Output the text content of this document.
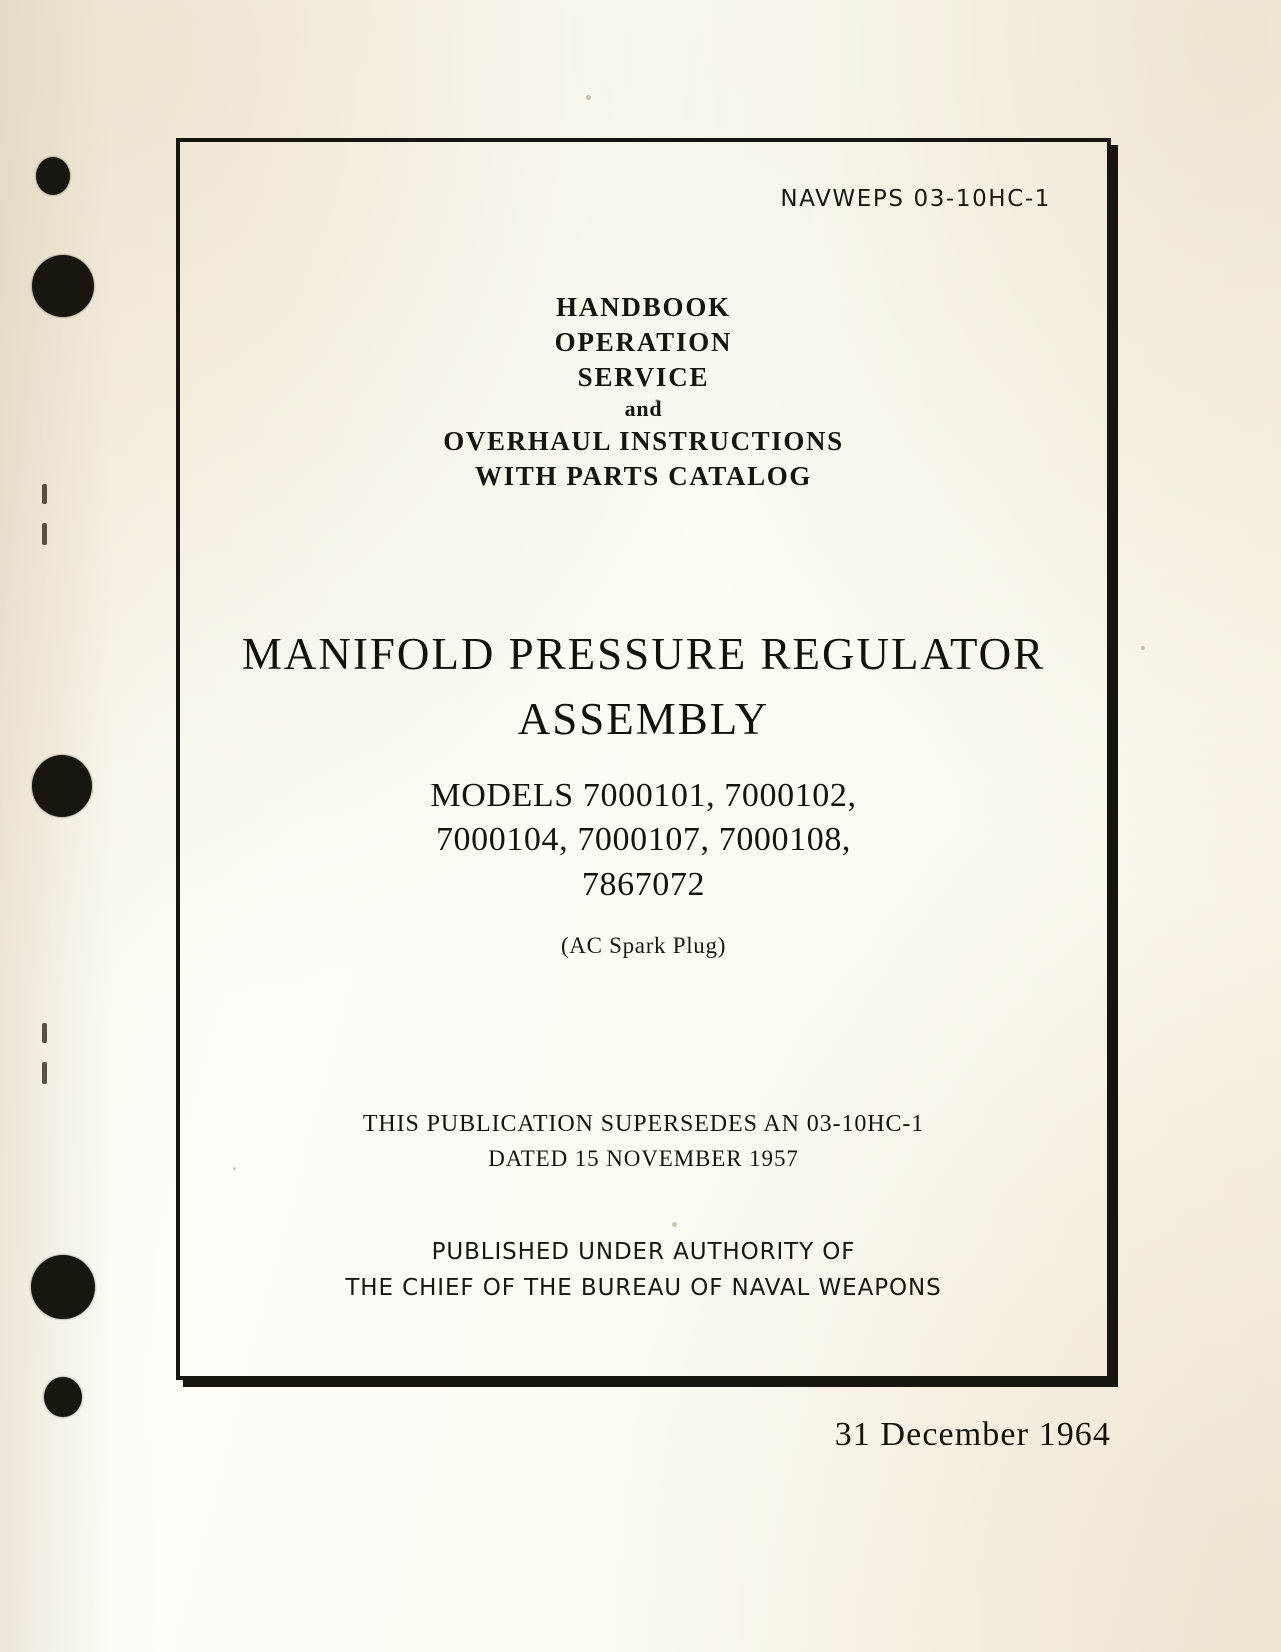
NAVWEPS 03-10HC-1
HANDBOOK
OPERATION
SERVICE
and
OVERHAUL INSTRUCTIONS
WITH PARTS CATALOG
MANIFOLD PRESSURE REGULATOR
ASSEMBLY
MODELS 7000101, 7000102,
7000104, 7000107, 7000108,
7867072
(AC Spark Plug)
THIS PUBLICATION SUPERSEDES AN 03-10HC-1
DATED 15 NOVEMBER 1957
PUBLISHED UNDER AUTHORITY OF
THE CHIEF OF THE BUREAU OF NAVAL WEAPONS
31 December 1964
